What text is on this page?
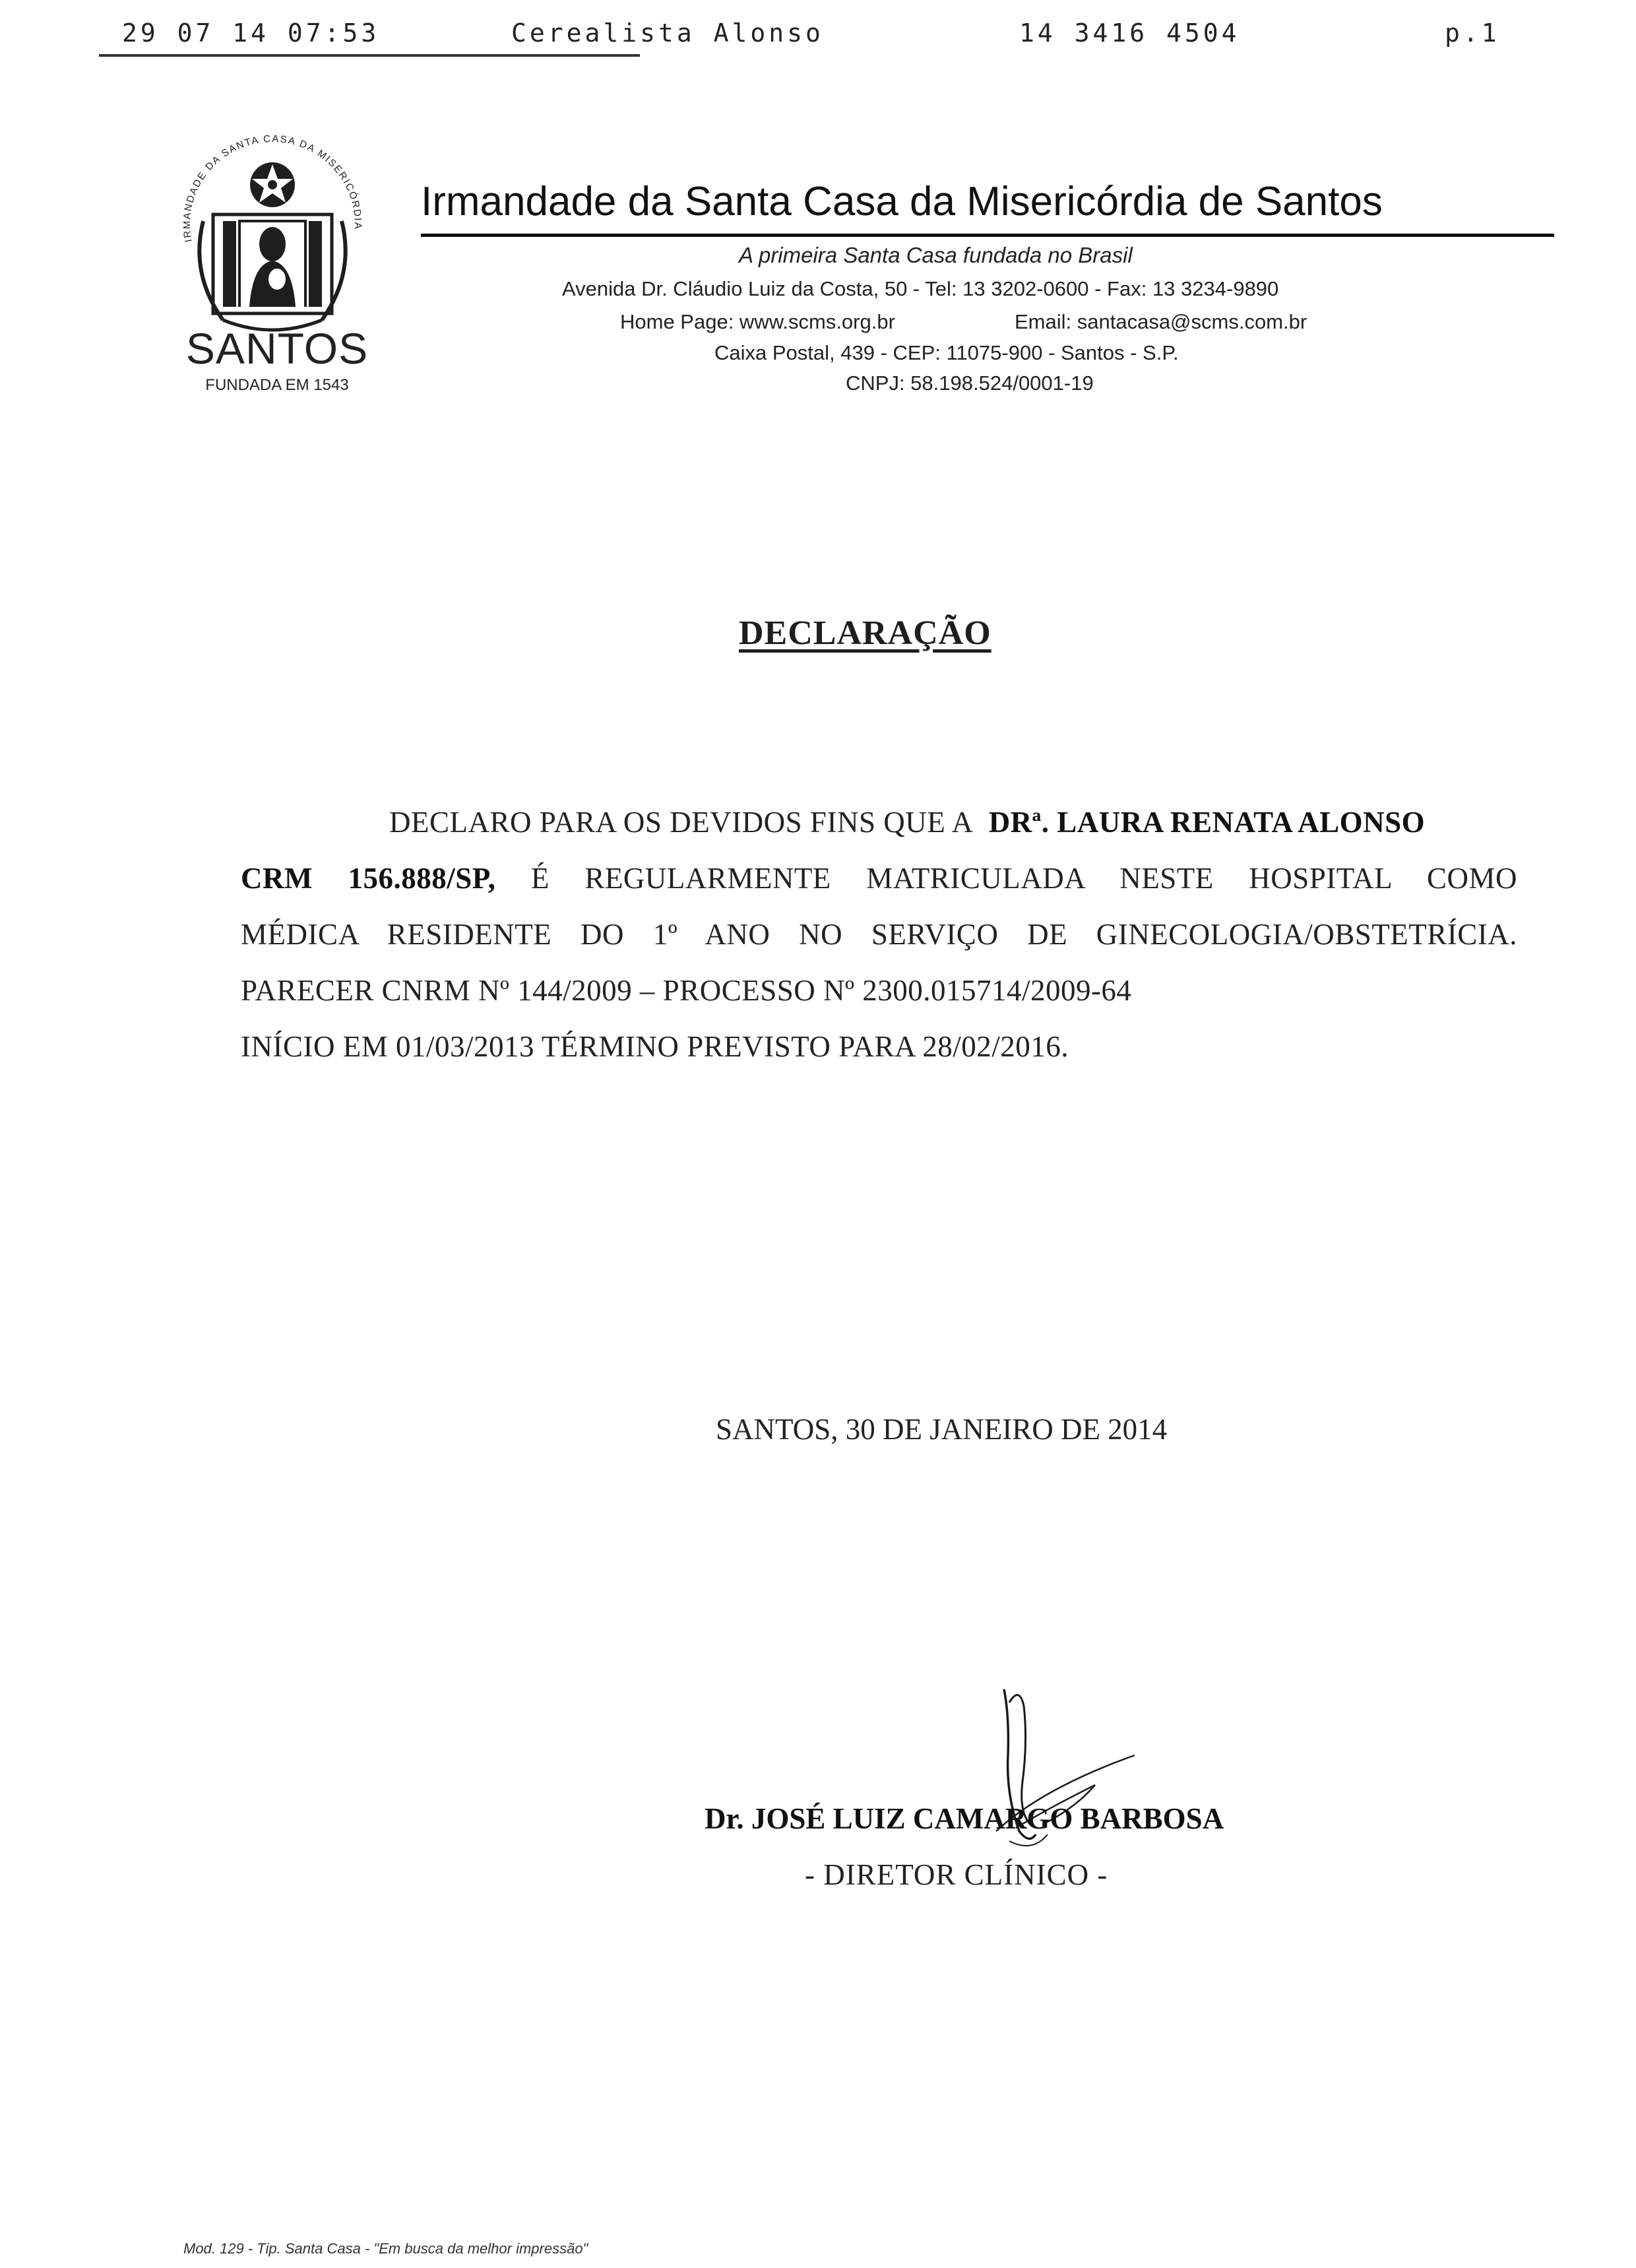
29 07 14 07:53	Cerealista Alonso	14 3416 4504	p.1
IRMANDADE DA SANTA CASA DA MISERICÓRDIA
SANTOS
FUNDADA EM 1543
Irmandade da Santa Casa da Misericórdia de Santos
A primeira Santa Casa fundada no Brasil
Avenida Dr. Cláudio Luiz da Costa, 50 - Tel: 13 3202-0600 - Fax: 13 3234-9890
Home Page: www.scms.org.br	Email: santacasa@scms.com.br
Caixa Postal, 439 - CEP: 11075-900 - Santos - S.P.
CNPJ: 58.198.524/0001-19
DECLARAÇÃO
DECLARO PARA OS DEVIDOS FINS QUE A DRª. LAURA RENATA ALONSO
CRM 156.888/SP, É REGULARMENTE MATRICULADA NESTE HOSPITAL COMO
MÉDICA RESIDENTE DO 1º ANO NO SERVIÇO DE GINECOLOGIA/OBSTETRÍCIA.
PARECER CNRM Nº 144/2009 – PROCESSO Nº 2300.015714/2009-64
INÍCIO EM 01/03/2013 TÉRMINO PREVISTO PARA 28/02/2016.
SANTOS, 30 DE JANEIRO DE 2014
Dr. JOSÉ LUIZ CAMARGO BARBOSA
- DIRETOR CLÍNICO -
Mod. 129 - Tip. Santa Casa - "Em busca da melhor impressão"
